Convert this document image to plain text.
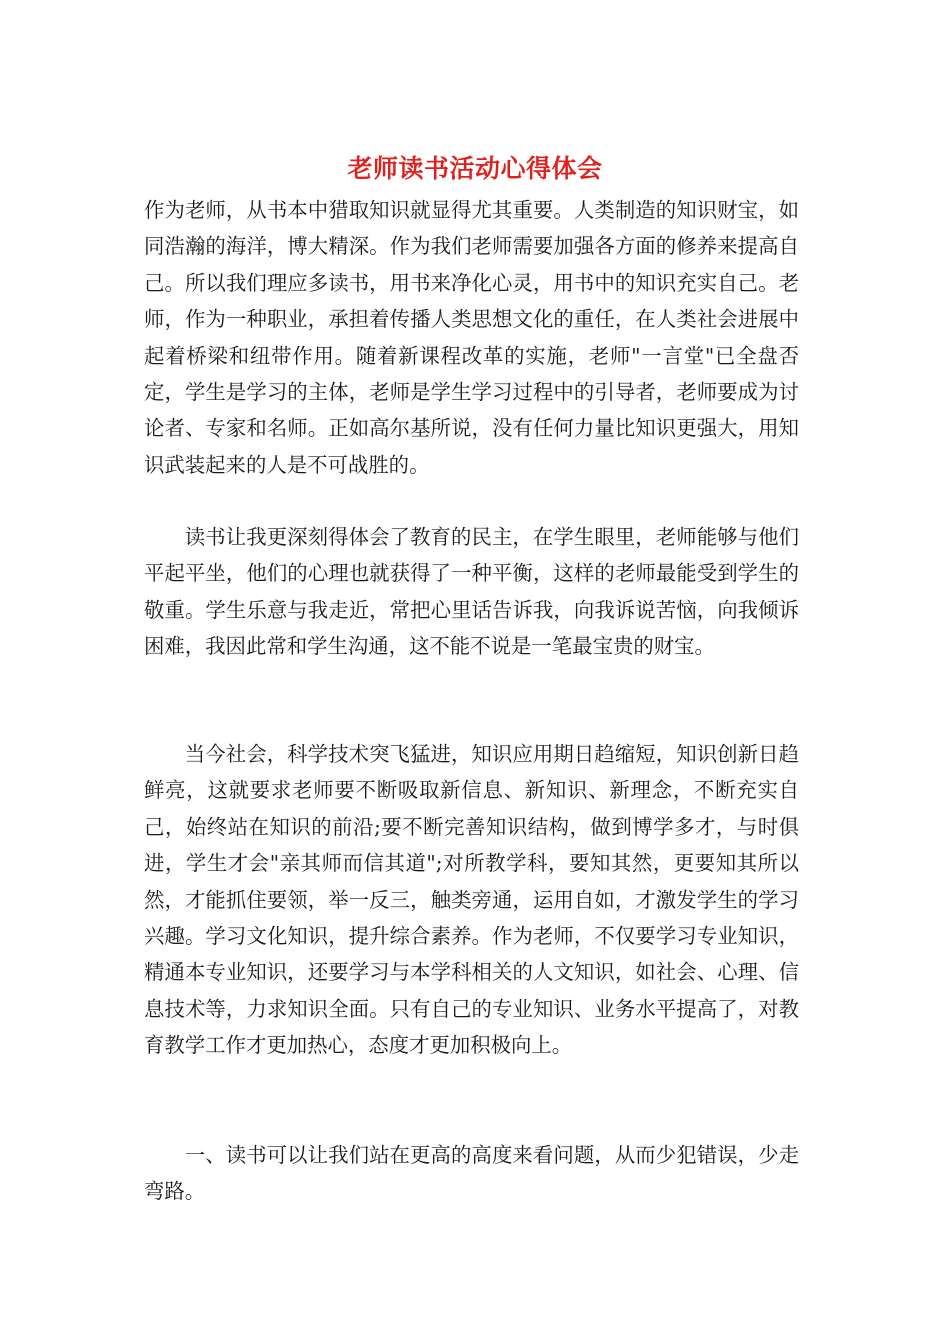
老师读书活动心得体会

作为老师，从书本中猎取知识就显得尤其重要。人类制造的知识财宝，如同浩瀚的海洋，博大精深。作为我们老师需要加强各方面的修养来提高自己。所以我们理应多读书，用书来净化心灵，用书中的知识充实自己。老师，作为一种职业，承担着传播人类思想文化的重任，在人类社会进展中起着桥梁和纽带作用。随着新课程改革的实施，老师"一言堂"已全盘否定，学生是学习的主体，老师是学生学习过程中的引导者，老师要成为讨论者、专家和名师。正如高尔基所说，没有任何力量比知识更强大，用知识武装起来的人是不可战胜的。

读书让我更深刻得体会了教育的民主，在学生眼里，老师能够与他们平起平坐，他们的心理也就获得了一种平衡，这样的老师最能受到学生的敬重。学生乐意与我走近，常把心里话告诉我，向我诉说苦恼，向我倾诉困难，我因此常和学生沟通，这不能不说是一笔最宝贵的财宝。

当今社会，科学技术突飞猛进，知识应用期日趋缩短，知识创新日趋鲜亮，这就要求老师要不断吸取新信息、新知识、新理念，不断充实自己，始终站在知识的前沿;要不断完善知识结构，做到博学多才，与时俱进，学生才会"亲其师而信其道";对所教学科，要知其然，更要知其所以然，才能抓住要领，举一反三，触类旁通，运用自如，才激发学生的学习兴趣。学习文化知识，提升综合素养。作为老师，不仅要学习专业知识，精通本专业知识，还要学习与本学科相关的人文知识，如社会、心理、信息技术等，力求知识全面。只有自己的专业知识、业务水平提高了，对教育教学工作才更加热心，态度才更加积极向上。

一、读书可以让我们站在更高的高度来看问题，从而少犯错误，少走弯路。
